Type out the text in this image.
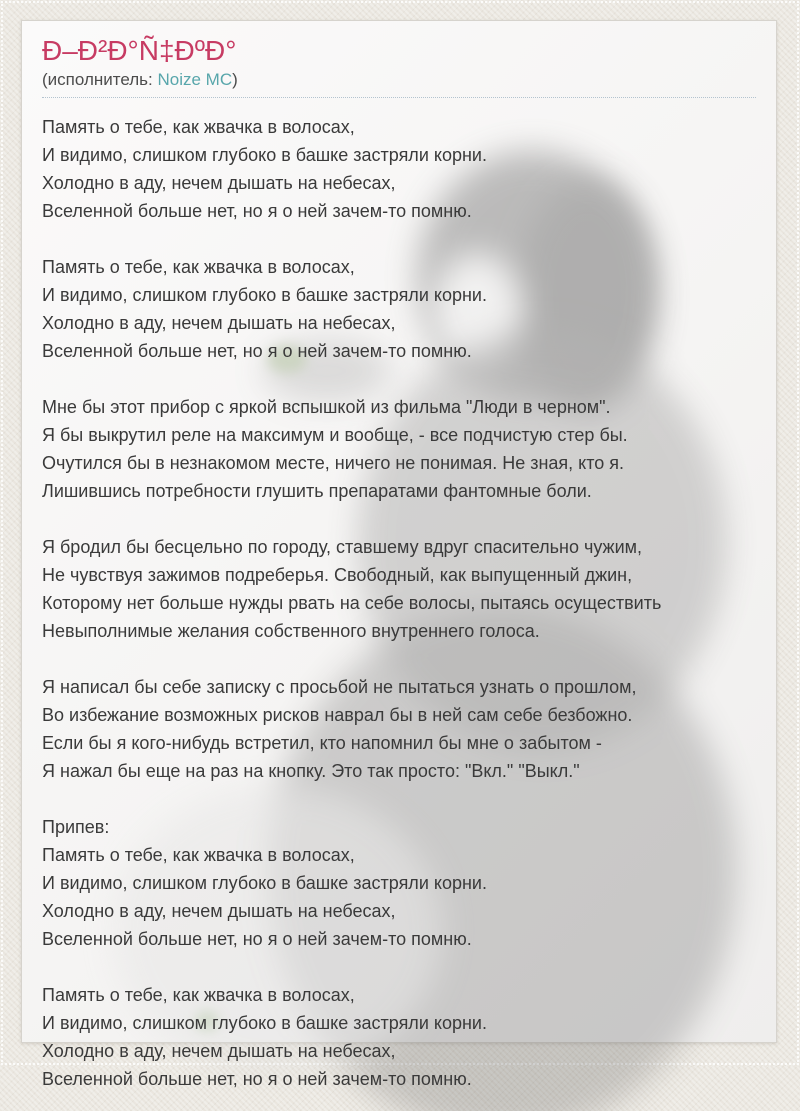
Ð–Ð²Ð°Ñ‡ÐºÐ°
(исполнитель: Noize MC)
Память о тебе, как жвачка в волосах,
И видимо, слишком глубоко в башке застряли корни.
Холодно в аду, нечем дышать на небесах,
Вселенной больше нет, но я о ней зачем-то помню.
Память о тебе, как жвачка в волосах,
И видимо, слишком глубоко в башке застряли корни.
Холодно в аду, нечем дышать на небесах,
Вселенной больше нет, но я о ней зачем-то помню.
Мне бы этот прибор с яркой вспышкой из фильма "Люди в черном".
Я бы выкрутил реле на максимум и вообще, - все подчистую стер бы.
Очутился бы в незнакомом месте, ничего не понимая. Не зная, кто я.
Лишившись потребности глушить препаратами фантомные боли.
Я бродил бы бесцельно по городу, ставшему вдруг спасительно чужим,
Не чувствуя зажимов подреберья. Свободный, как выпущенный джин,
Которому нет больше нужды рвать на себе волосы, пытаясь осуществить
Невыполнимые желания собственного внутреннего голоса.
Я написал бы себе записку с просьбой не пытаться узнать о прошлом,
Во избежание возможных рисков наврал бы в ней сам себе безбожно.
Если бы я кого-нибудь встретил, кто напомнил бы мне о забытом -
Я нажал бы еще на раз на кнопку. Это так просто: "Вкл." "Выкл."
Припев:
Память о тебе, как жвачка в волосах,
И видимо, слишком глубоко в башке застряли корни.
Холодно в аду, нечем дышать на небесах,
Вселенной больше нет, но я о ней зачем-то помню.
Память о тебе, как жвачка в волосах,
И видимо, слишком глубоко в башке застряли корни.
Холодно в аду, нечем дышать на небесах,
Вселенной больше нет, но я о ней зачем-то помню.
